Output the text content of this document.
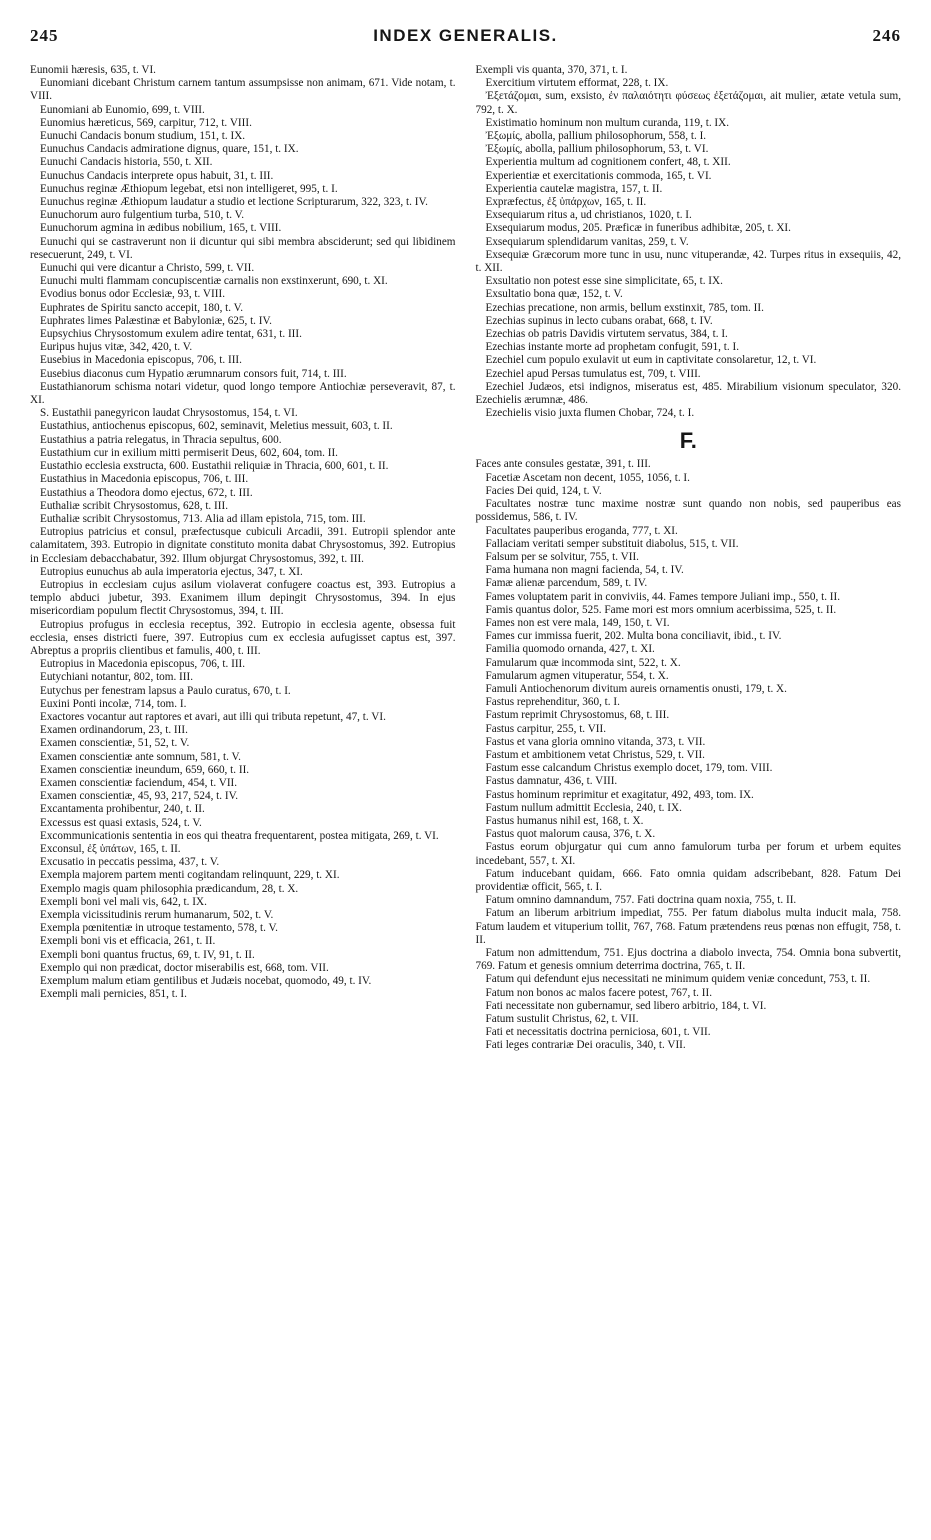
245	INDEX GENERALIS.	246

Eunomii hæresis, 635, t. VI.

Eunomiani dicebant Christum carnem tantum assumpsisse non animam, 671. Vide notam, t. VIII.

Eunomiani ab Eunomio, 699, t. VIII.

Eunomius hæreticus, 569, carpitur, 712, t. VIII.

Eunuchi Candacis bonum studium, 151, t. IX.

Eunuchus Candacis admiratione dignus, quare, 151, t. IX.

Eunuchi Candacis historia, 550, t. XII.

Eunuchus Candacis interprete opus habuit, 31, t. III.

Eunuchus reginæ Æthiopum legebat, etsi non intelligeret, 995, t. I.

Eunuchus reginæ Æthiopum laudatur a studio et lectione Scripturarum, 322, 323, t. IV.

Eunuchorum auro fulgentium turba, 510, t. V.

Eunuchorum agmina in ædibus nobilium, 165, t. VIII.

Eunuchi qui se castraverunt non ii dicuntur qui sibi membra absciderunt; sed qui libidinem resecuerunt, 249, t. VI.

Eunuchi qui vere dicantur a Christo, 599, t. VII.

Eunuchi multi flammam concupiscentiæ carnalis non exstinxerunt, 690, t. XI.

Evodius bonus odor Ecclesiæ, 93, t. VIII.

Euphrates de Spiritu sancto accepit, 180, t. V.

Euphrates limes Palæstinæ et Babyloniæ, 625, t. IV.

Eupsychius Chrysostomum exulem adire tentat, 631, t. III.

Euripus hujus vitæ, 342, 420, t. V.

Eusebius in Macedonia episcopus, 706, t. III.

Eusebius diaconus cum Hypatio ærumnarum consors fuit, 714, t. III.

Eustathianorum schisma notari videtur, quod longo tempore Antiochiæ perseveravit, 87, t. XI.

S. Eustathii panegyricon laudat Chrysostomus, 154, t. VI.

Eustathius, antiochenus episcopus, 602, seminavit, Meletius messuit, 603, t. II.

Eustathius a patria relegatus, in Thracia sepultus, 600.

Eustathium cur in exilium mitti permiserit Deus, 602, 604, tom. II.

Eustathio ecclesia exstructa, 600. Eustathii reliquiæ in Thracia, 600, 601, t. II.

Eustathius in Macedonia episcopus, 706, t. III.

Eustathius a Theodora domo ejectus, 672, t. III.

Euthaliæ scribit Chrysostomus, 628, t. III.

Euthaliæ scribit Chrysostomus, 713. Alia ad illam epistola, 715, tom. III.

Eutropius patricius et consul, præfectusque cubiculi Arcadii, 391. Eutropii splendor ante calamitatem, 393. Eutropio in dignitate constituto monita dabat Chrysostomus, 392. Eutropius in Ecclesiam debacchabatur, 392. Illum objurgat Chrysostomus, 392, t. III.

Eutropius eunuchus ab aula imperatoria ejectus, 347, t. XI.

Eutropius in ecclesiam cujus asilum violaverat confugere coactus est, 393. Eutropius a templo abduci jubetur, 393. Exanimem illum depingit Chrysostomus, 394. In ejus misericordiam populum flectit Chrysostomus, 394, t. III.

Eutropius profugus in ecclesia receptus, 392. Eutropio in ecclesia agente, obsessa fuit ecclesia, enses districti fuere, 397. Eutropius cum ex ecclesia aufugisset captus est, 397. Abreptus a propriis clientibus et famulis, 400, t. III.

Eutropius in Macedonia episcopus, 706, t. III.

Eutychiani notantur, 802, tom. III.

Eutychus per fenestram lapsus a Paulo curatus, 670, t. I.

Euxini Ponti incolæ, 714, tom. I.

Exactores vocantur aut raptores et avari, aut illi qui tributa repetunt, 47, t. VI.

Examen ordinandorum, 23, t. III.

Examen conscientiæ, 51, 52, t. V.

Examen conscientiæ ante somnum, 581, t. V.

Examen conscientiæ ineundum, 659, 660, t. II.

Examen conscientiæ faciendum, 454, t. VII.

Examen conscientiæ, 45, 93, 217, 524, t. IV.

Excantamenta prohibentur, 240, t. II.

Excessus est quasi extasis, 524, t. V.

Excommunicationis sententia in eos qui theatra frequentarent, postea mitigata, 269, t. VI.

Exconsul, ἐξ ὑπάτων, 165, t. II.

Excusatio in peccatis pessima, 437, t. V.

Exempla majorem partem menti cogitandam relinquunt, 229, t. XI.

Exemplo magis quam philosophia prædicandum, 28, t. X.

Exempli boni vel mali vis, 642, t. IX.

Exempla vicissitudinis rerum humanarum, 502, t. V.

Exempla pœnitentiæ in utroque testamento, 578, t. V.

Exempli boni vis et efficacia, 261, t. II.

Exempli boni quantus fructus, 69, t. IV, 91, t. II.

Exemplo qui non prædicat, doctor miserabilis est, 668, tom. VII.

Exemplum malum etiam gentilibus et Judæis nocebat, quomodo, 49, t. IV.

Exempli mali pernicies, 851, t. I.

Exempli vis quanta, 370, 371, t. I.

Exercitium virtutem efformat, 228, t. IX.

Ἐξετάζομαι, sum, exsisto, ἐν παλαιότητι φύσεως ἐξετάζομαι, ait mulier, ætate vetula sum, 792, t. X.

Existimatio hominum non multum curanda, 119, t. IX.

Ἐξωμίς, abolla, pallium philosophorum, 558, t. I.

Ἐξωμίς, abolla, pallium philosophorum, 53, t. VI.

Experientia multum ad cognitionem confert, 48, t. XII.

Experientiæ et exercitationis commoda, 165, t. VI.

Experientia cautelæ magistra, 157, t. II.

Expræfectus, ἐξ ὑπάρχων, 165, t. II.

Exsequiarum ritus a, ud christianos, 1020, t. I.

Exsequiarum modus, 205. Præficæ in funeribus adhibitæ, 205, t. XI.

Exsequiarum splendidarum vanitas, 259, t. V.

Exsequiæ Græcorum more tunc in usu, nunc vituperandæ, 42. Turpes ritus in exsequiis, 42, t. XII.

Exsultatio non potest esse sine simplicitate, 65, t. IX.

Exsultatio bona quæ, 152, t. V.

Ezechias precatione, non armis, bellum exstinxit, 785, tom. II.

Ezechias supinus in lecto cubans orabat, 668, t. IV.

Ezechias ob patris Davidis virtutem servatus, 384, t. I.

Ezechias instante morte ad prophetam confugit, 591, t. I.

Ezechiel cum populo exulavit ut eum in captivitate consolaretur, 12, t. VI.

Ezechiel apud Persas tumulatus est, 709, t. VIII.

Ezechiel Judæos, etsi indignos, miseratus est, 485. Mirabilium visionum speculator, 320. Ezechielis ærumnæ, 486.

Ezechielis visio juxta flumen Chobar, 724, t. I.

F.

Faces ante consules gestatæ, 391, t. III.

Facetiæ Ascetam non decent, 1055, 1056, t. I.

Facies Dei quid, 124, t. V.

Facultates nostræ tunc maxime nostræ sunt quando non nobis, sed pauperibus eas possidemus, 586, t. IV.

Facultates pauperibus eroganda, 777, t. XI.

Fallaciam veritati semper substituit diabolus, 515, t. VII.

Falsum per se solvitur, 755, t. VII.

Fama humana non magni facienda, 54, t. IV.

Famæ alienæ parcendum, 589, t. IV.

Fames voluptatem parit in conviviis, 44. Fames tempore Juliani imp., 550, t. II.

Famis quantus dolor, 525. Fame mori est mors omnium acerbissima, 525, t. II.

Fames non est vere mala, 149, 150, t. VI.

Fames cur immissa fuerit, 202. Multa bona conciliavit, ibid., t. IV.

Familia quomodo ornanda, 427, t. XI.

Famularum quæ incommoda sint, 522, t. X.

Famularum agmen vituperatur, 554, t. X.

Famuli Antiochenorum divitum aureis ornamentis onusti, 179, t. X.

Fastus reprehenditur, 360, t. I.

Fastum reprimit Chrysostomus, 68, t. III.

Fastus carpitur, 255, t. VII.

Fastus et vana gloria omnino vitanda, 373, t. VII.

Fastum et ambitionem vetat Christus, 529, t. VII.

Fastum esse calcandum Christus exemplo docet, 179, tom. VIII.

Fastus damnatur, 436, t. VIII.

Fastus hominum reprimitur et exagitatur, 492, 493, tom. IX.

Fastum nullum admittit Ecclesia, 240, t. IX.

Fastus humanus nihil est, 168, t. X.

Fastus quot malorum causa, 376, t. X.

Fastus eorum objurgatur qui cum anno famulorum turba per forum et urbem equites incedebant, 557, t. XI.

Fatum inducebant quidam, 666. Fato omnia quidam adscribebant, 828. Fatum Dei providentiæ officit, 565, t. I.

Fatum omnino damnandum, 757. Fati doctrina quam noxia, 755, t. II.

Fatum an liberum arbitrium impediat, 755. Per fatum diabolus multa inducit mala, 758. Fatum laudem et vituperium tollit, 767, 768. Fatum prætendens reus pœnas non effugit, 758, t. II.

Fatum non admittendum, 751. Ejus doctrina a diabolo invecta, 754. Omnia bona subvertit, 769. Fatum et genesis omnium deterrima doctrina, 765, t. II.

Fatum qui defendunt ejus necessitati ne minimum quidem veniæ concedunt, 753, t. II.

Fatum non bonos ac malos facere potest, 767, t. II.

Fati necessitate non gubernamur, sed libero arbitrio, 184, t. VI.

Fatum sustulit Christus, 62, t. VII.

Fati et necessitatis doctrina perniciosa, 601, t. VII.

Fati leges contrariæ Dei oraculis, 340, t. VII.
